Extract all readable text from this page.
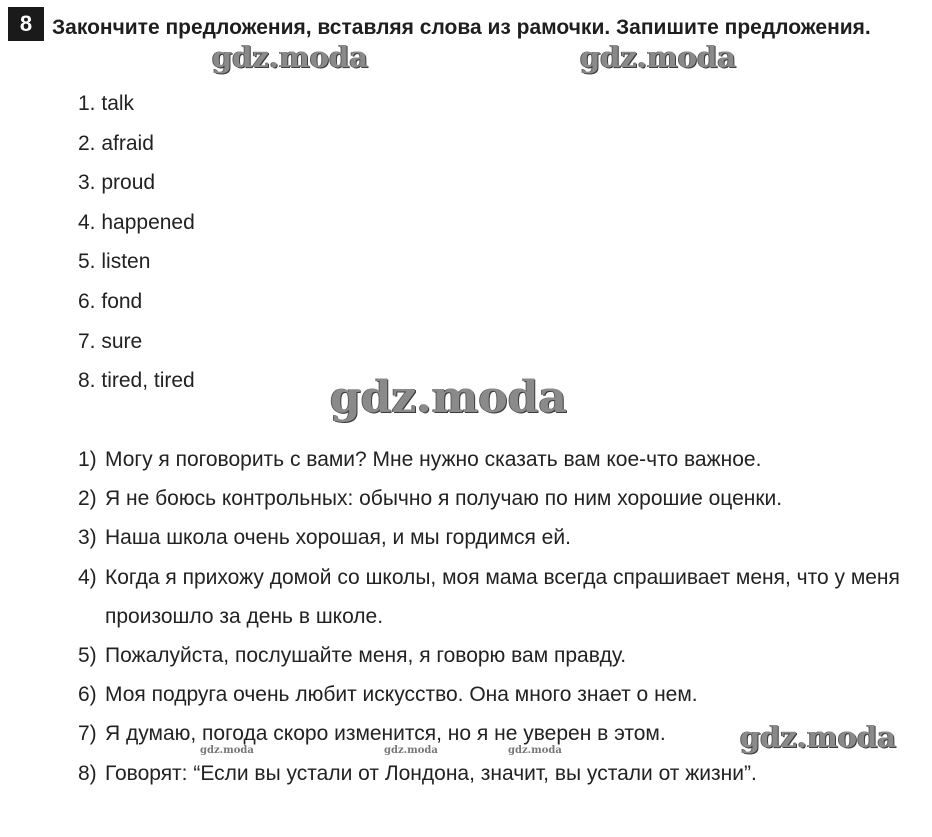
8 Закончите предложения, вставляя слова из рамочки. Запишите предложения.
1. talk
2. afraid
3. proud
4. happened
5. listen
6. fond
7. sure
8. tired, tired
1) Могу я поговорить с вами? Мне нужно сказать вам кое-что важное.
2) Я не боюсь контрольных: обычно я получаю по ним хорошие оценки.
3) Наша школа очень хорошая, и мы гордимся ей.
4) Когда я прихожу домой со школы, моя мама всегда спрашивает меня, что у меня произошло за день в школе.
5) Пожалуйста, послушайте меня, я говорю вам правду.
6) Моя подруга очень любит искусство. Она много знает о нем.
7) Я думаю, погода скоро изменится, но я не уверен в этом.
8) Говорят: “Если вы устали от Лондона, значит, вы устали от жизни”.
gdz.moda	gdz.moda
gdz.moda
gdz.moda
gdz.moda	gdz.moda	gdz.moda
